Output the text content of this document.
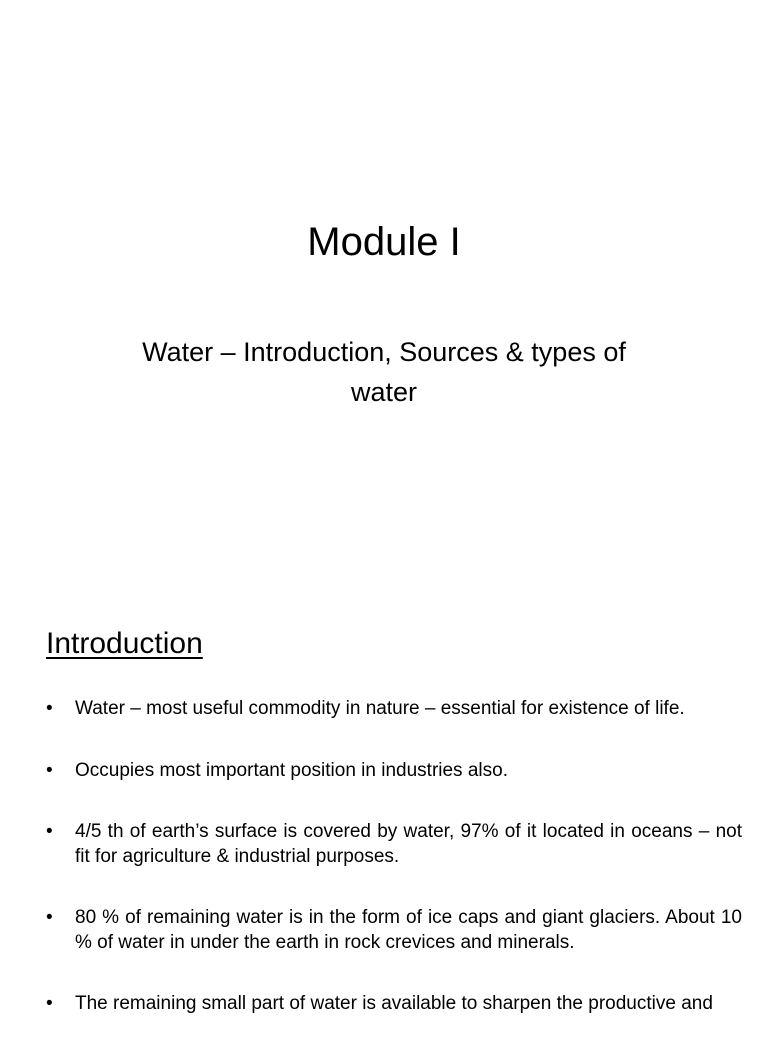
Module I
Water – Introduction, Sources & types of water
Introduction
• Water – most useful commodity in nature – essential for existence of life.
• Occupies most important position in industries also.
• 4/5 th of earth’s surface is covered by water, 97% of it located in oceans – not fit for agriculture & industrial purposes.
• 80 % of remaining water is in the form of ice caps and giant glaciers. About 10 % of water in under the earth in rock crevices and minerals.
• The remaining small part of water is available to sharpen the productive and
